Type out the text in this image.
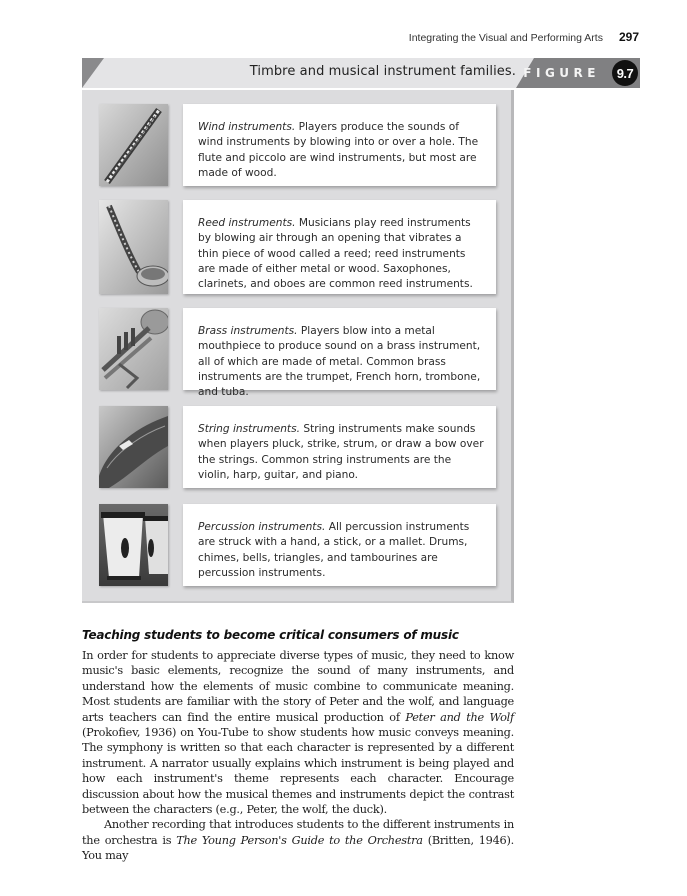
Integrating the Visual and Performing Arts 297
Timbre and musical instrument families. FIGURE	9.7
Wind instruments. Players produce the sounds of wind instruments by blowing into or over a hole. The flute and piccolo are wind instruments, but most are made of wood.
Reed instruments. Musicians play reed instruments by blowing air through an opening that vibrates a thin piece of wood called a reed; reed instruments are made of either metal or wood. Saxophones, clarinets, and oboes are common reed instruments.
Brass instruments. Players blow into a metal mouthpiece to produce sound on a brass instrument, all of which are made of metal. Common brass instruments are the trumpet, French horn, trombone, and tuba.
String instruments. String instruments make sounds when players pluck, strike, strum, or draw a bow over the strings. Common string instruments are the violin, harp, guitar, and piano.
Percussion instruments. All percussion instruments are struck with a hand, a stick, or a mallet. Drums, chimes, bells, triangles, and tambourines are percussion instruments.
Teaching students to become critical consumers of music

In order for students to appreciate diverse types of music, they need to know music's basic elements, recognize the sound of many instruments, and understand how the elements of music combine to communicate meaning. Most students are familiar with the story of Peter and the wolf, and language arts teachers can find the entire musical production of Peter and the Wolf (Prokofiev, 1936) on You-Tube to show students how music conveys meaning. The symphony is written so that each character is represented by a different instrument. A narrator usually explains which instrument is being played and how each instrument's theme represents each character. Encourage discussion about how the musical themes and instruments depict the contrast between the characters (e.g., Peter, the wolf, the duck).

Another recording that introduces students to the different instruments in the orchestra is The Young Person's Guide to the Orchestra (Britten, 1946). You may
